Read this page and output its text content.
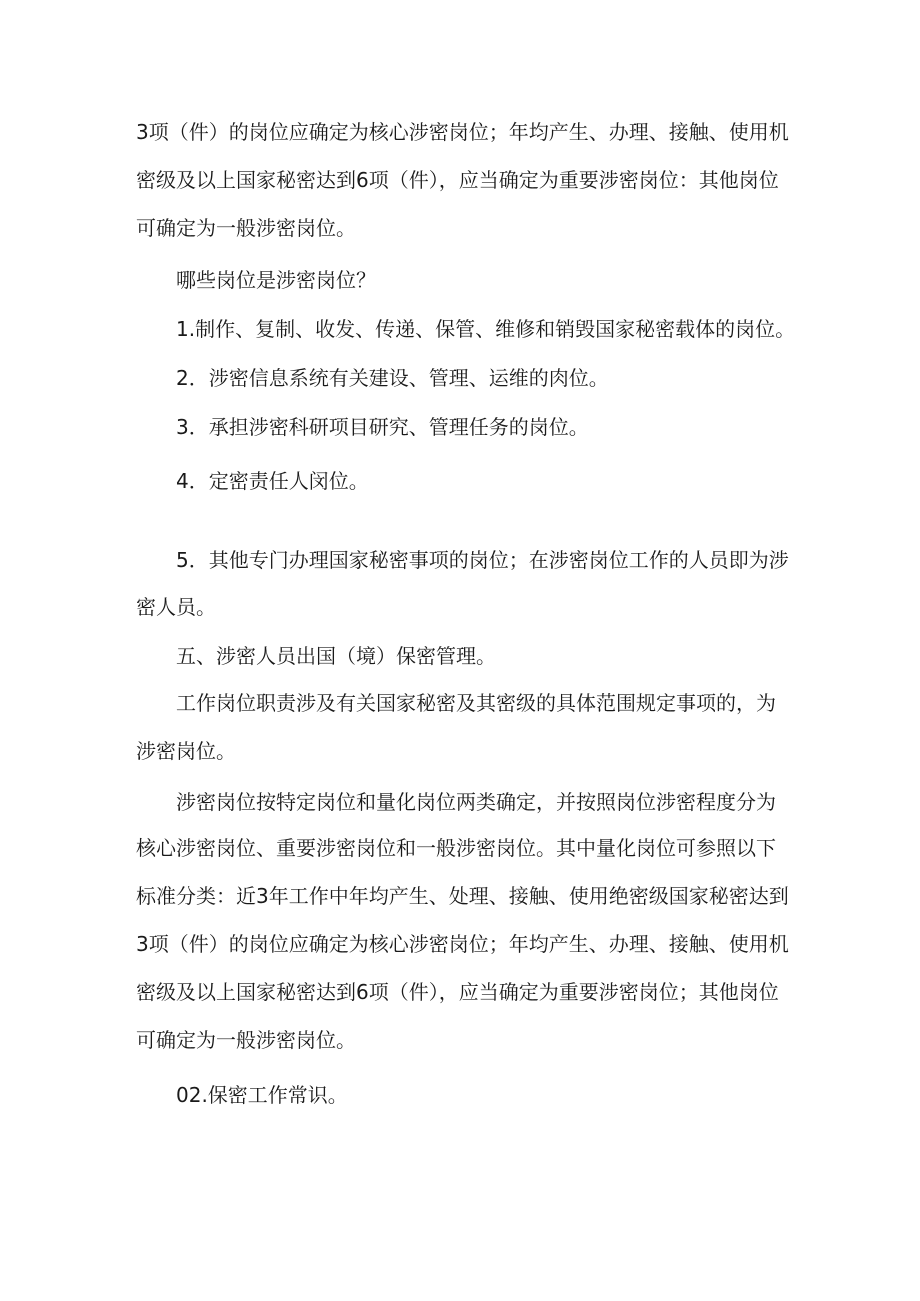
3项（件）的岗位应确定为核心涉密岗位；年均产生、办理、接触、使用机
密级及以上国家秘密达到6项（件），应当确定为重要涉密岗位：其他岗位
可确定为一般涉密岗位。
哪些岗位是涉密岗位？
1.制作、复制、收发、传递、保管、维修和销毁国家秘密载体的岗位。
2．涉密信息系统有关建设、管理、运维的肉位。
3．承担涉密科研项目研究、管理任务的岗位。
4．定密责任人闵位。
5．其他专门办理国家秘密事项的岗位；在涉密岗位工作的人员即为涉
密人员。
五、涉密人员出国（境）保密管理。
工作岗位职责涉及有关国家秘密及其密级的具体范围规定事项的，为
涉密岗位。
涉密岗位按特定岗位和量化岗位两类确定，并按照岗位涉密程度分为
核心涉密岗位、重要涉密岗位和一般涉密岗位。其中量化岗位可参照以下
标准分类：近3年工作中年均产生、处理、接触、使用绝密级国家秘密达到
3项（件）的岗位应确定为核心涉密岗位；年均产生、办理、接触、使用机
密级及以上国家秘密达到6项（件），应当确定为重要涉密岗位；其他岗位
可确定为一般涉密岗位。
02.保密工作常识。
